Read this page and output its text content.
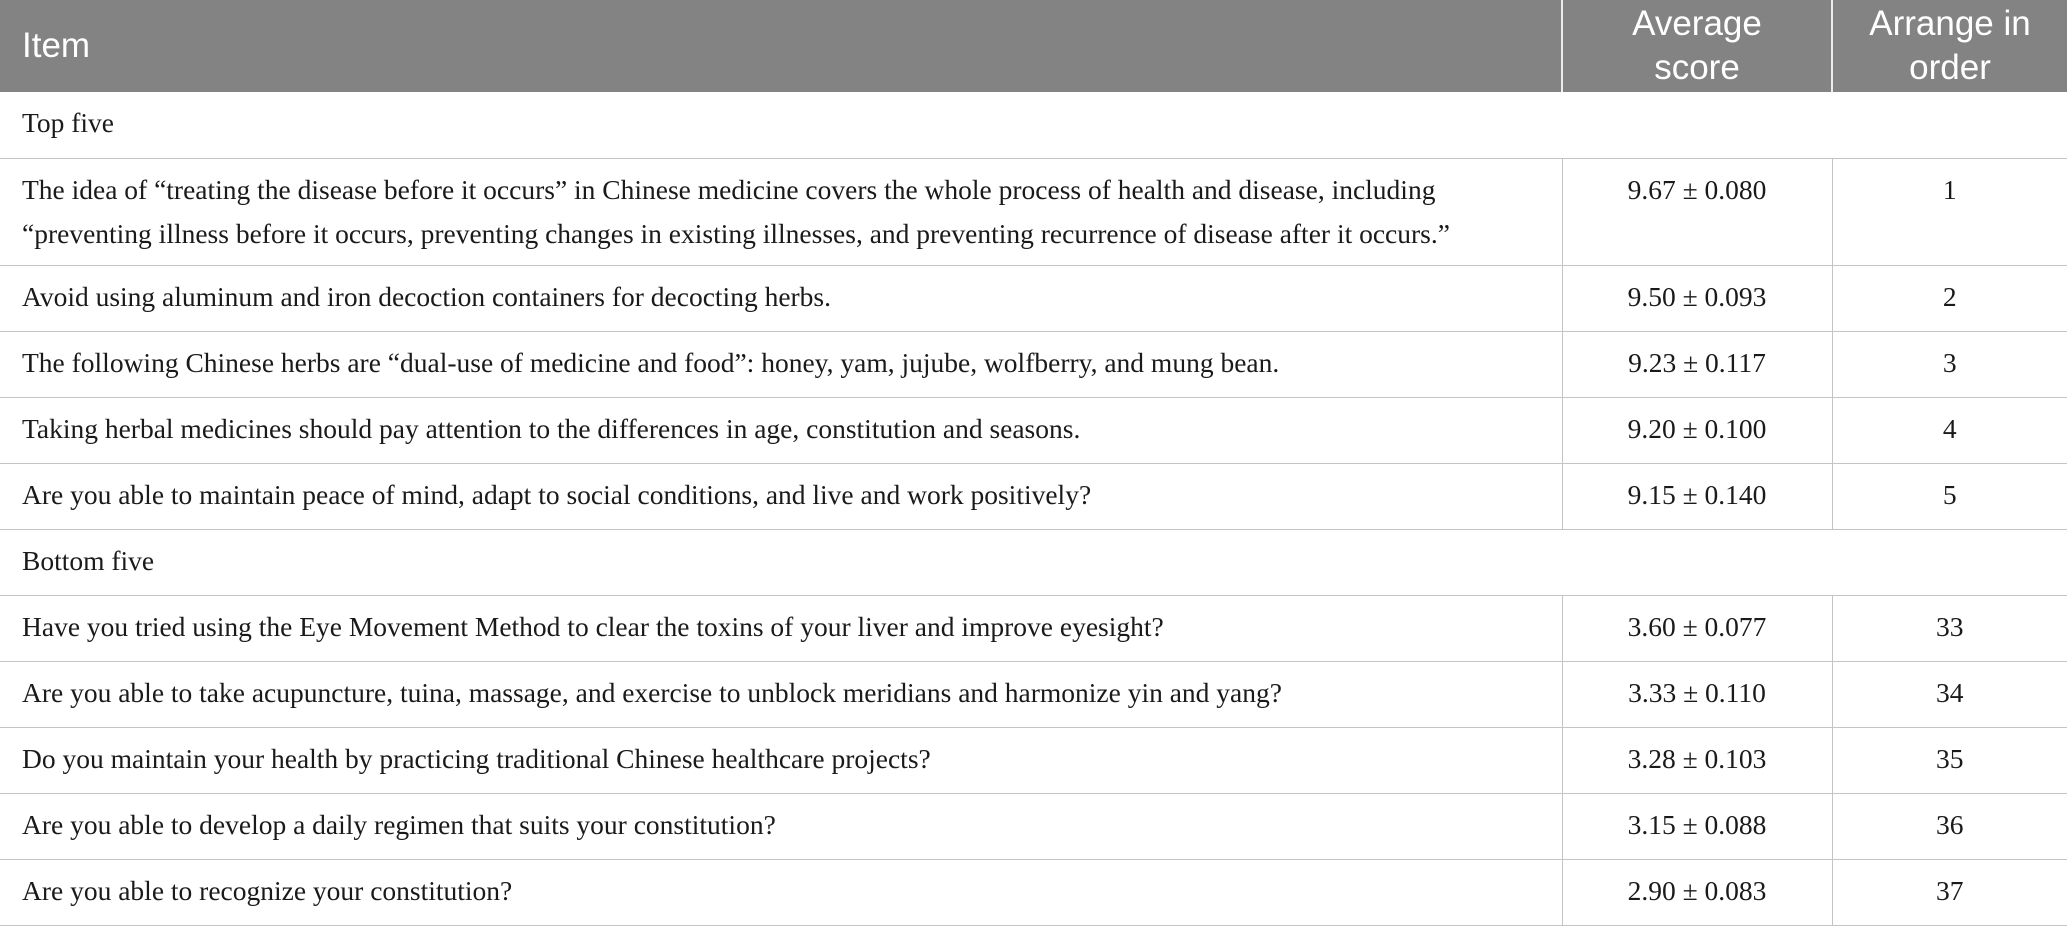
Item	Average score	Arrange in order
Top five		
The idea of “treating the disease before it occurs” in Chinese medicine covers the whole process of health and disease, including “preventing illness before it occurs, preventing changes in existing illnesses, and preventing recurrence of disease after it occurs.”	9.67 ± 0.080	1
Avoid using aluminum and iron decoction containers for decocting herbs.	9.50 ± 0.093	2
The following Chinese herbs are “dual-use of medicine and food”: honey, yam, jujube, wolfberry, and mung bean.	9.23 ± 0.117	3
Taking herbal medicines should pay attention to the differences in age, constitution and seasons.	9.20 ± 0.100	4
Are you able to maintain peace of mind, adapt to social conditions, and live and work positively?	9.15 ± 0.140	5
Bottom five		
Have you tried using the Eye Movement Method to clear the toxins of your liver and improve eyesight?	3.60 ± 0.077	33
Are you able to take acupuncture, tuina, massage, and exercise to unblock meridians and harmonize yin and yang?	3.33 ± 0.110	34
Do you maintain your health by practicing traditional Chinese healthcare projects?	3.28 ± 0.103	35
Are you able to develop a daily regimen that suits your constitution?	3.15 ± 0.088	36
Are you able to recognize your constitution?	2.90 ± 0.083	37
